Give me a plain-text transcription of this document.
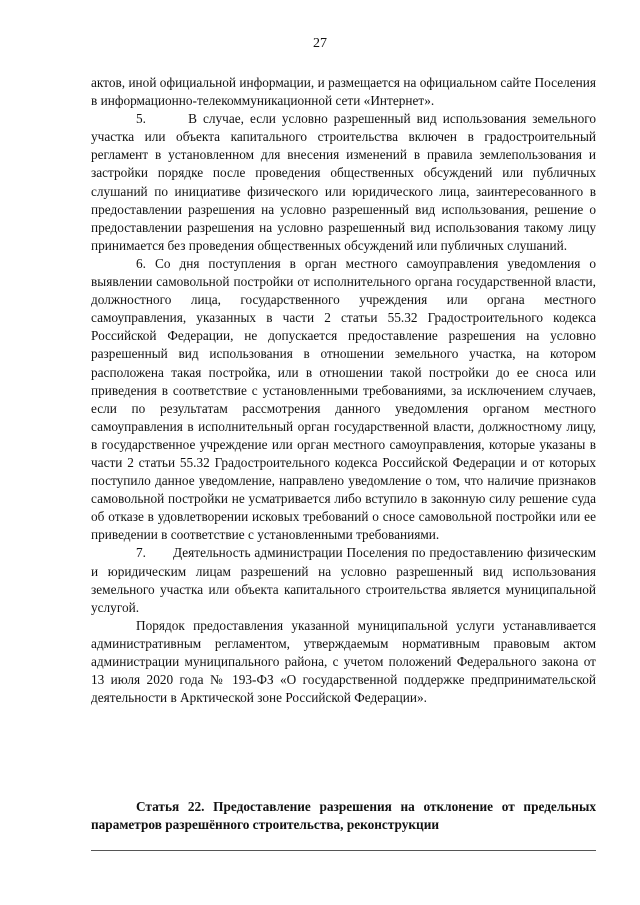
27

актов, иной официальной информации, и размещается на официальном сайте Поселения в информационно-телекоммуникационной сети «Интернет».

5.       В случае, если условно разрешенный вид использования земельного участка или объекта капитального строительства включен в градостроительный регламент в установленном для внесения изменений в правила землепользования и застройки порядке после проведения общественных обсуждений или публичных слушаний по инициативе физического или юридического лица, заинтересованного в предоставлении разрешения на условно разрешенный вид использования, решение о предоставлении разрешения на условно разрешенный вид использования такому лицу принимается без проведения общественных обсуждений или публичных слушаний.

6. Со дня поступления в орган местного самоуправления уведомления о выявлении самовольной постройки от исполнительного органа государственной власти, должностного лица, государственного учреждения или органа местного самоуправления, указанных в части 2 статьи 55.32 Градостроительного кодекса Российской Федерации, не допускается предоставление разрешения на условно разрешенный вид использования в отношении земельного участка, на котором расположена такая постройка, или в отношении такой постройки до ее сноса или приведения в соответствие с установленными требованиями, за исключением случаев, если по результатам рассмотрения данного уведомления органом местного самоуправления в исполнительный орган государственной власти, должностному лицу, в государственное учреждение или орган местного самоуправления, которые указаны в части 2 статьи 55.32 Градостроительного кодекса Российской Федерации и от которых поступило данное уведомление, направлено уведомление о том, что наличие признаков самовольной постройки не усматривается либо вступило в законную силу решение суда об отказе в удовлетворении исковых требований о сносе самовольной постройки или ее приведении в соответствие с установленными требованиями.

7.       Деятельность администрации Поселения по предоставлению физическим и юридическим лицам разрешений на условно разрешенный вид использования земельного участка или объекта капитального строительства является муниципальной услугой.

Порядок предоставления указанной муниципальной услуги устанавливается административным регламентом, утверждаемым нормативным правовым актом администрации муниципального района, с учетом положений Федерального закона от 13 июля 2020 года № 193-ФЗ «О государственной поддержке предпринимательской деятельности в Арктической зоне Российской Федерации».

Статья 22. Предоставление разрешения на отклонение от предельных параметров разрешённого строительства, реконструкции
